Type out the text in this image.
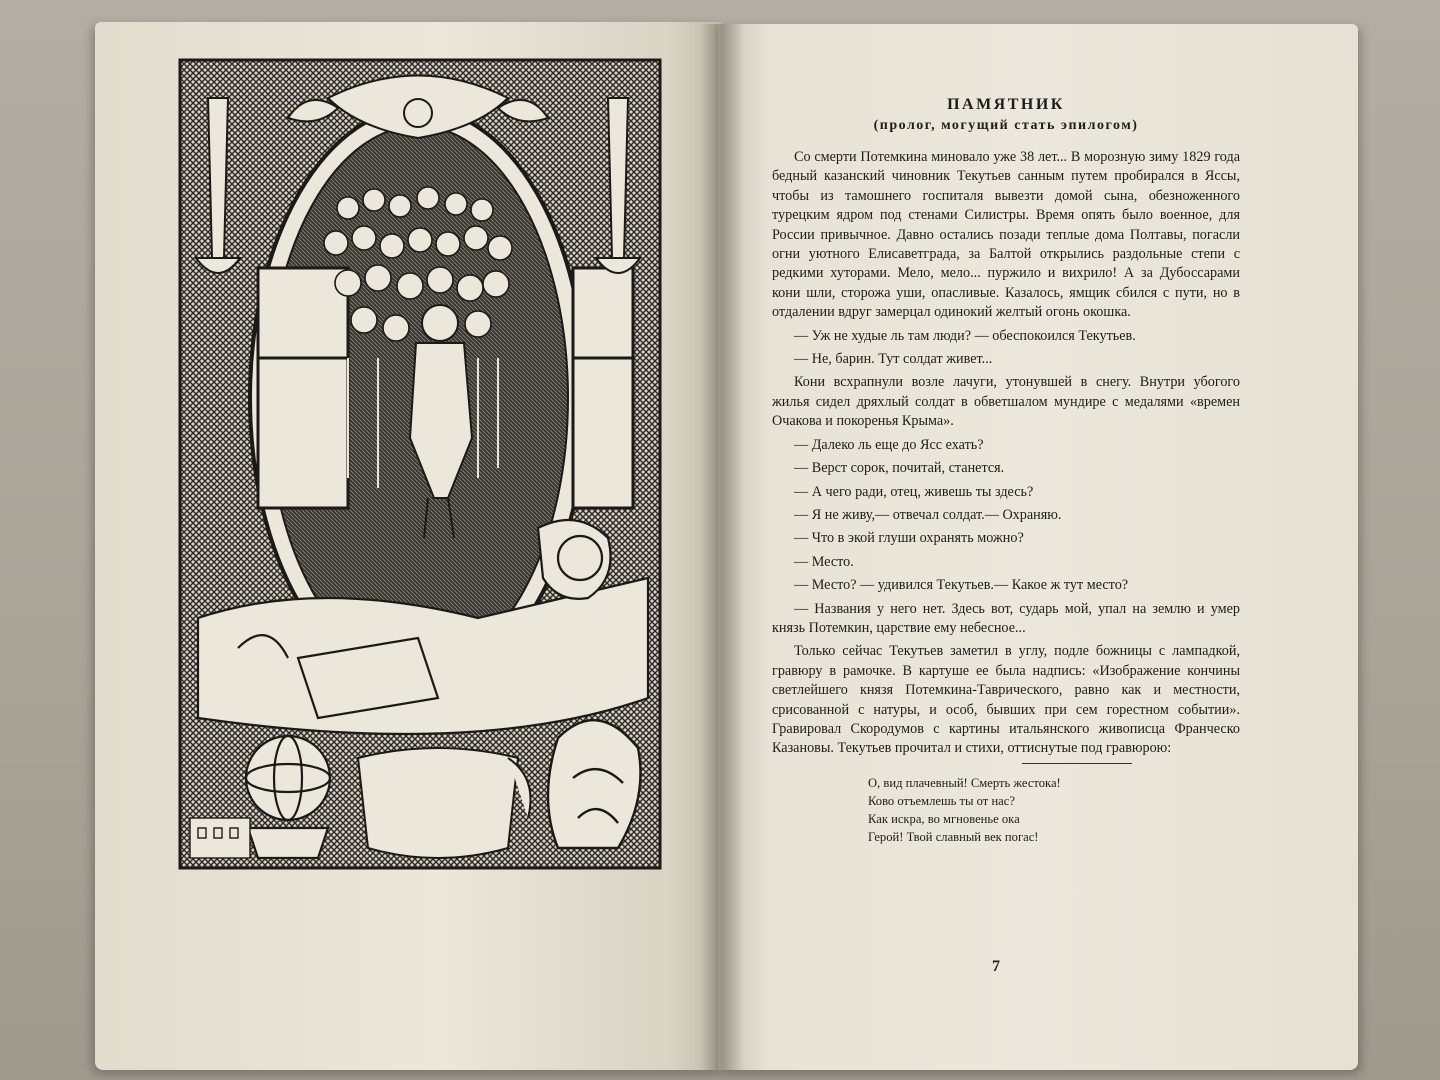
ПАМЯТНИК
(пролог, могущий стать эпилогом)

Со смерти Потемкина миновало уже 38 лет... В морозную зиму 1829 года бедный казанский чиновник Текутьев санным путем пробирался в Яссы, чтобы из тамошнего госпиталя вывезти домой сына, обезноженного турецким ядром под стенами Силистры. Время опять было военное, для России привычное. Давно остались позади теплые дома Полтавы, погасли огни уютного Елисаветграда, за Балтой открылись раздольные степи с редкими хуторами. Мело, мело... пуржило и вихрило! А за Дубоссарами кони шли, сторожа уши, опасливые. Казалось, ямщик сбился с пути, но в отдалении вдруг замерцал одинокий желтый огонь окошка.

— Уж не худые ль там люди? — обеспокоился Текутьев.

— Не, барин. Тут солдат живет...

Кони всхрапнули возле лачуги, утонувшей в снегу. Внутри убогого жилья сидел дряхлый солдат в обветшалом мундире с медалями «времен Очакова и покоренья Крыма».

— Далеко ль еще до Ясс ехать?

— Верст сорок, почитай, станется.

— А чего ради, отец, живешь ты здесь?

— Я не живу,— отвечал солдат.— Охраняю.

— Что в экой глуши охранять можно?

— Место.

— Место? — удивился Текутьев.— Какое ж тут место?

— Названия у него нет. Здесь вот, сударь мой, упал на землю и умер князь Потемкин, царствие ему небесное...

Только сейчас Текутьев заметил в углу, подле божницы с лампадкой, гравюру в рамочке. В картуше ее была надпись: «Изображение кончины светлейшего князя Потемкина-Таврического, равно как и местности, срисованной с натуры, и особ, бывших при сем горестном событии». Гравировал Скородумов с картины итальянского живописца Франческо Казановы. Текутьев прочитал и стихи, оттиснутые под гравюрою:

О, вид плачевный! Смерть жестока!
Ково отъемлешь ты от нас?
Как искра, во мгновенье ока
Герой! Твой славный век погас!
7
